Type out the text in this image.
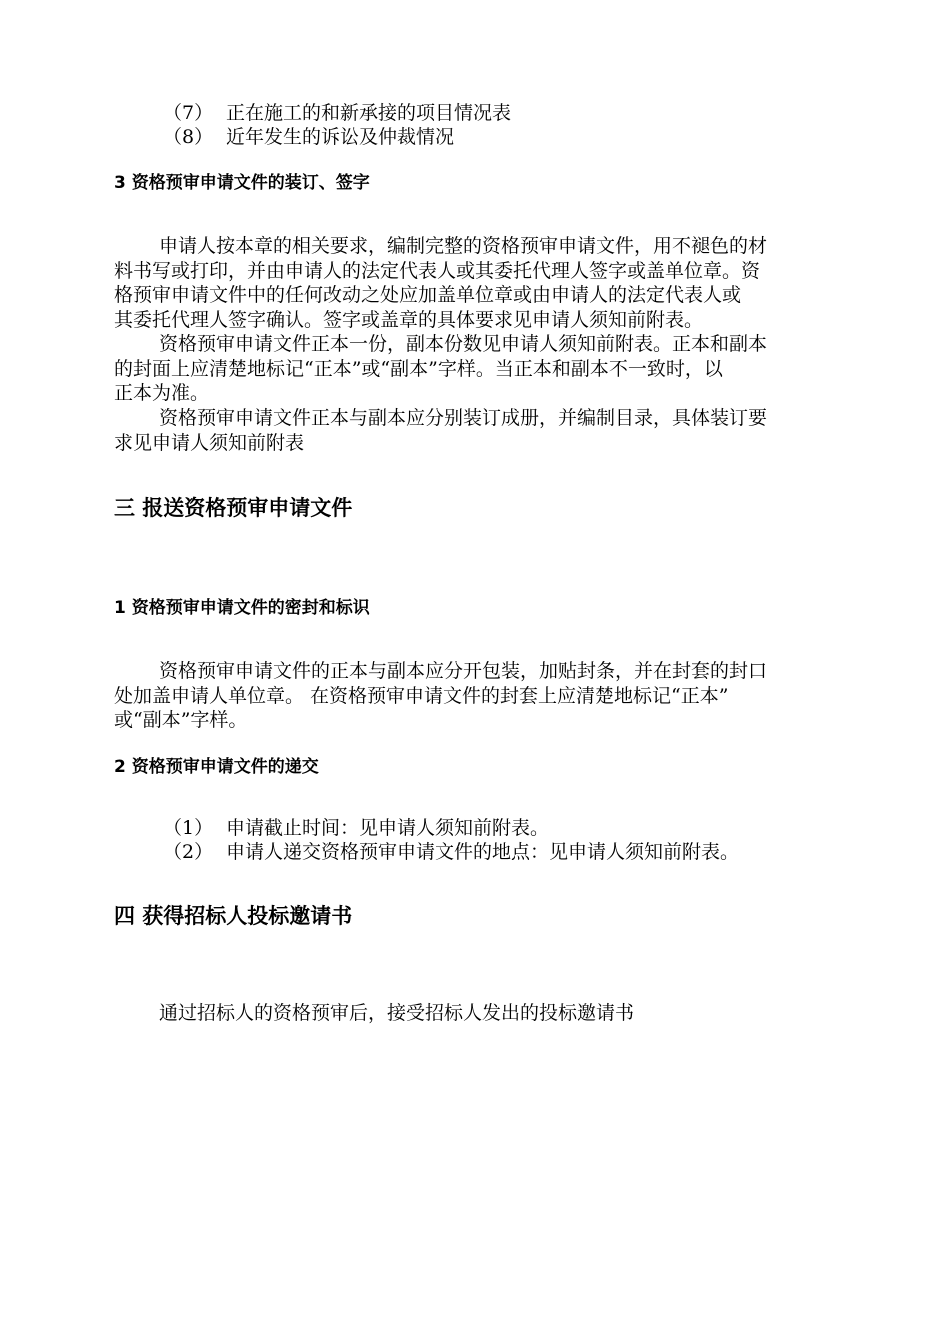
（7） 正在施工的和新承接的项目情况表
（8） 近年发生的诉讼及仲裁情况
3 资格预审申请文件的装订、签字
申请人按本章的相关要求，编制完整的资格预审申请文件，用不褪色的材
料书写或打印，并由申请人的法定代表人或其委托代理人签字或盖单位章。资
格预审申请文件中的任何改动之处应加盖单位章或由申请人的法定代表人或
其委托代理人签字确认。签字或盖章的具体要求见申请人须知前附表。
资格预审申请文件正本一份，副本份数见申请人须知前附表。正本和副本
的封面上应清楚地标记“正本”或“副本”字样。当正本和副本不一致时，以
正本为准。
资格预审申请文件正本与副本应分别装订成册，并编制目录，具体装订要
求见申请人须知前附表
三 报送资格预审申请文件
1 资格预审申请文件的密封和标识
资格预审申请文件的正本与副本应分开包装，加贴封条，并在封套的封口
处加盖申请人单位章。 在资格预审申请文件的封套上应清楚地标记“正本”
或“副本”字样。
2 资格预审申请文件的递交
（1） 申请截止时间：见申请人须知前附表。
（2） 申请人递交资格预审申请文件的地点：见申请人须知前附表。
四 获得招标人投标邀请书
通过招标人的资格预审后，接受招标人发出的投标邀请书
